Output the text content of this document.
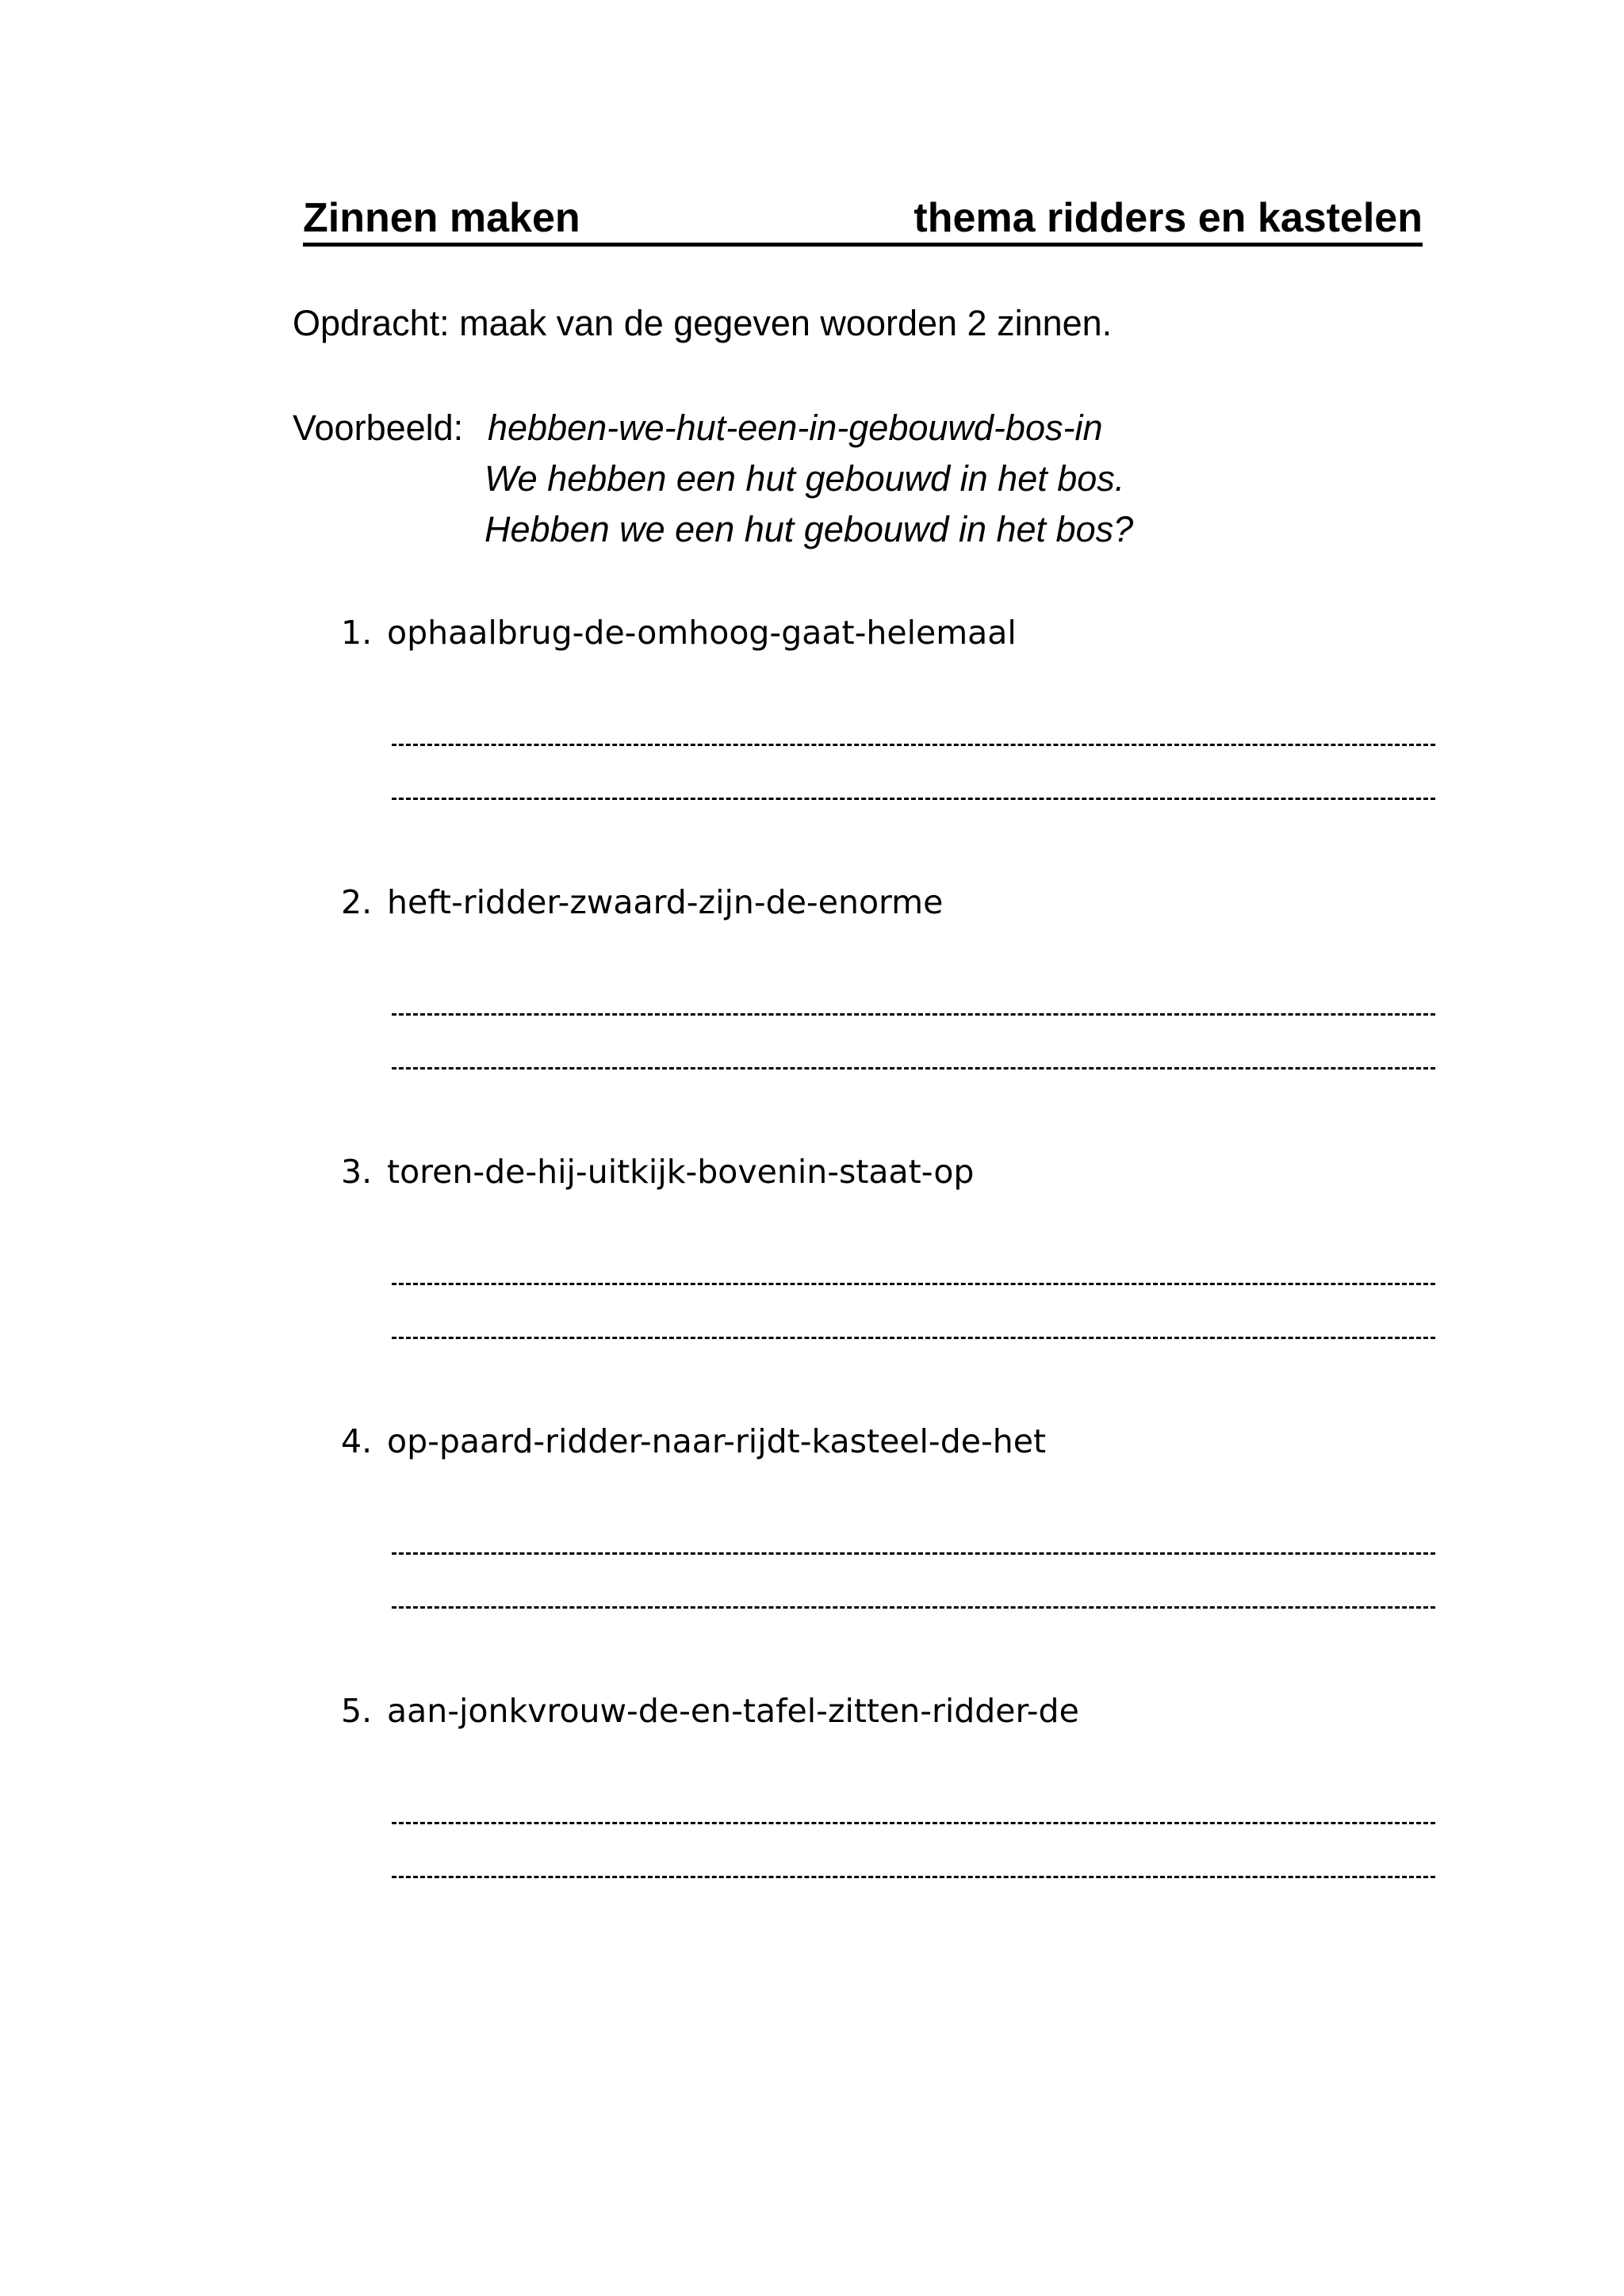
Zinnen maken	thema ridders en kastelen
Opdracht: maak van de gegeven woorden 2 zinnen.
Voorbeeld: hebben-we-hut-een-in-gebouwd-bos-in
We hebben een hut gebouwd in het bos.
Hebben we een hut gebouwd in het bos?
1. ophaalbrug-de-omhoog-gaat-helemaal
2. heft-ridder-zwaard-zijn-de-enorme
3. toren-de-hij-uitkijk-bovenin-staat-op
4. op-paard-ridder-naar-rijdt-kasteel-de-het
5. aan-jonkvrouw-de-en-tafel-zitten-ridder-de
